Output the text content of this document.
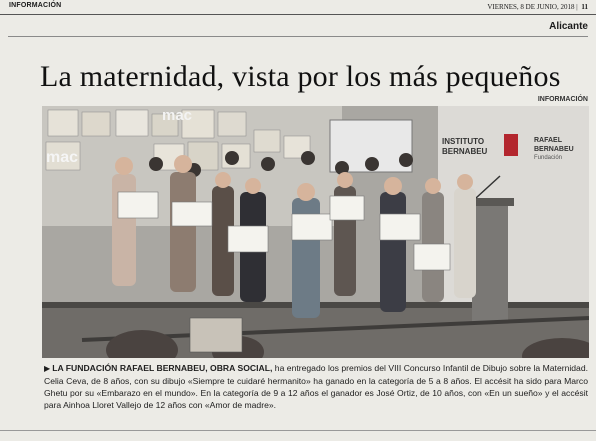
INFORMACIÓN	VIERNES, 8 DE JUNIO, 2018 | 11
Alicante
La maternidad, vista por los más pequeños
INFORMACIÓN
mac
mac
INSTITUTO
BERNABEU
RAFAEL
BERNABEU
Fundación
▶ LA FUNDACIÓN RAFAEL BERNABEU, OBRA SOCIAL, ha entregado los premios del VIII Concurso Infantil de Dibujo sobre la Maternidad. Celia Ceva, de 8 años, con su dibujo «Siempre te cuidaré hermanito» ha ganado en la categoría de 5 a 8 años. El accésit ha sido para Marco Ghetu por su «Embarazo en el mundo». En la categoría de 9 a 12 años el ganador es José Ortiz, de 10 años, con «En un sueño» y el accésit para Ainhoa Lloret Vallejo de 12 años con «Amor de madre».
